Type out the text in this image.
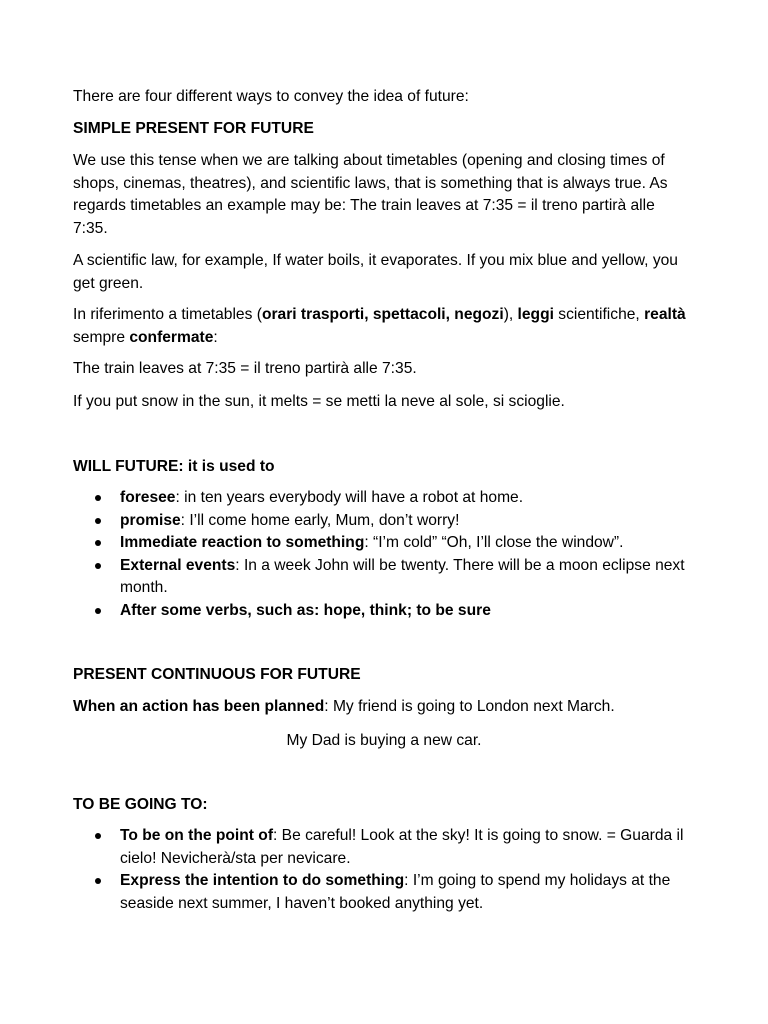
There are four different ways to convey the idea of future:

SIMPLE PRESENT FOR FUTURE

We use this tense when we are talking about timetables (opening and closing times of shops, cinemas, theatres), and scientific laws, that is something that is always true. As regards timetables an example may be: The train leaves at 7:35 = il treno partirà alle 7:35.

A scientific law, for example, If water boils, it evaporates. If you mix blue and yellow, you get green.

In riferimento a timetables (orari trasporti, spettacoli, negozi), leggi scientifiche, realtà sempre confermate:

The train leaves at 7:35 = il treno partirà alle 7:35.

If you put snow in the sun, it melts = se metti la neve al sole, si scioglie.

WILL FUTURE: it is used to

foresee: in ten years everybody will have a robot at home.
promise: I’ll come home early, Mum, don’t worry!
Immediate reaction to something: “I’m cold” “Oh, I’ll close the window”.
External events: In a week John will be twenty. There will be a moon eclipse next month.
After some verbs, such as: hope, think; to be sure

PRESENT CONTINUOUS FOR FUTURE

When an action has been planned: My friend is going to London next March.

My Dad is buying a new car.

TO BE GOING TO:

To be on the point of: Be careful! Look at the sky! It is going to snow. = Guarda il cielo! Nevicherà/sta per nevicare.
Express the intention to do something: I’m going to spend my holidays at the seaside next summer, I haven’t booked anything yet.
